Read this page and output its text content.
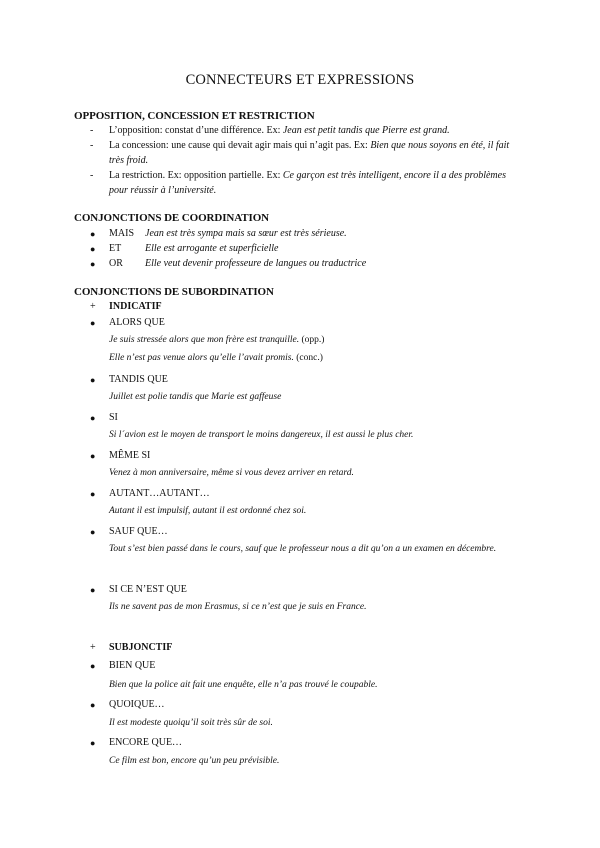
CONNECTEURS ET EXPRESSIONS
OPPOSITION, CONCESSION ET RESTRICTION
- L’opposition: constat d’une différence. Ex: Jean est petit tandis que Pierre est grand.
- La concession: une cause qui devait agir mais qui n’agit pas. Ex: Bien que nous soyons en été, il fait très froid.
- La restriction. Ex: opposition partielle. Ex: Ce garçon est très intelligent, encore il a des problèmes pour réussir à l’université.
CONJONCTIONS DE COORDINATION
● MAIS Jean est très sympa mais sa sœur est très sérieuse.
● ET Elle est arrogante et superficielle
● OR Elle veut devenir professeure de langues ou traductrice
CONJONCTIONS DE SUBORDINATION
+ INDICATIF
● ALORS QUE
Je suis stressée alors que mon frère est tranquille. (opp.)
Elle n’est pas venue alors qu’elle l’avait promis. (conc.)
● TANDIS QUE
Juillet est polie tandis que Marie est gaffeuse
● SI
Si l´avion est le moyen de transport le moins dangereux, il est aussi le plus cher.
● MÊME SI
Venez à mon anniversaire, même si vous devez arriver en retard.
● AUTANT…AUTANT…
Autant il est impulsif, autant il est ordonné chez soi.
● SAUF QUE…
Tout s’est bien passé dans le cours, sauf que le professeur nous a dit qu’on a un examen en décembre.
● SI CE N’EST QUE
Ils ne savent pas de mon Erasmus, si ce n’est que je suis en France.
+ SUBJONCTIF
● BIEN QUE
Bien que la police ait fait une enquête, elle n’a pas trouvé le coupable.
● QUOIQUE…
Il est modeste quoiqu’il soit très sûr de soi.
● ENCORE QUE…
Ce film est bon, encore qu’un peu prévisible.
